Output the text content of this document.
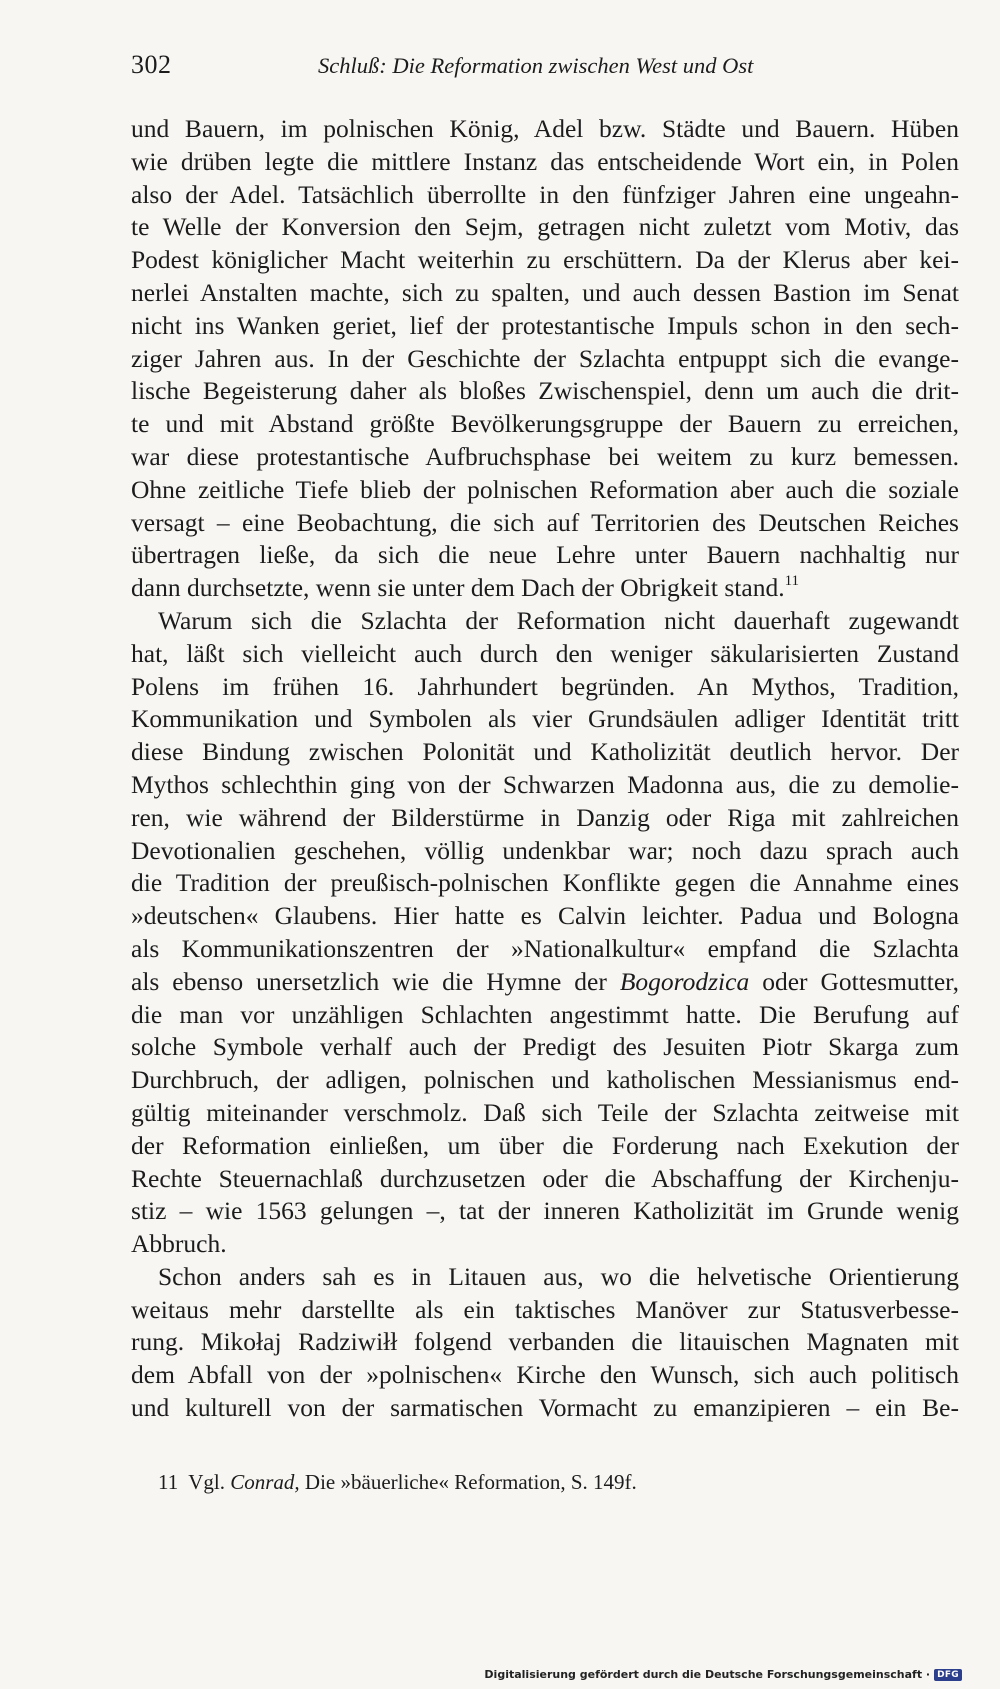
302	Schluß: Die Reformation zwischen West und Ost
und Bauern, im polnischen König, Adel bzw. Städte und Bauern. Hüben
wie drüben legte die mittlere Instanz das entscheidende Wort ein, in Polen
also der Adel. Tatsächlich überrollte in den fünfziger Jahren eine ungeahn-
te Welle der Konversion den Sejm, getragen nicht zuletzt vom Motiv, das
Podest königlicher Macht weiterhin zu erschüttern. Da der Klerus aber kei-
nerlei Anstalten machte, sich zu spalten, und auch dessen Bastion im Senat
nicht ins Wanken geriet, lief der protestantische Impuls schon in den sech-
ziger Jahren aus. In der Geschichte der Szlachta entpuppt sich die evange-
lische Begeisterung daher als bloßes Zwischenspiel, denn um auch die drit-
te und mit Abstand größte Bevölkerungsgruppe der Bauern zu erreichen,
war diese protestantische Aufbruchsphase bei weitem zu kurz bemessen.
Ohne zeitliche Tiefe blieb der polnischen Reformation aber auch die soziale
versagt – eine Beobachtung, die sich auf Territorien des Deutschen Reiches
übertragen ließe, da sich die neue Lehre unter Bauern nachhaltig nur
dann durchsetzte, wenn sie unter dem Dach der Obrigkeit stand.$^{11}$
Warum sich die Szlachta der Reformation nicht dauerhaft zugewandt
hat, läßt sich vielleicht auch durch den weniger säkularisierten Zustand
Polens im frühen 16. Jahrhundert begründen. An Mythos, Tradition,
Kommunikation und Symbolen als vier Grundsäulen adliger Identität tritt
diese Bindung zwischen Polonität und Katholizität deutlich hervor. Der
Mythos schlechthin ging von der Schwarzen Madonna aus, die zu demolie-
ren, wie während der Bilderstürme in Danzig oder Riga mit zahlreichen
Devotionalien geschehen, völlig undenkbar war; noch dazu sprach auch
die Tradition der preußisch-polnischen Konflikte gegen die Annahme eines
»deutschen« Glaubens. Hier hatte es Calvin leichter. Padua und Bologna
als Kommunikationszentren der »Nationalkultur« empfand die Szlachta
als ebenso unersetzlich wie die Hymne der Bogorodzica oder Gottesmutter,
die man vor unzähligen Schlachten angestimmt hatte. Die Berufung auf
solche Symbole verhalf auch der Predigt des Jesuiten Piotr Skarga zum
Durchbruch, der adligen, polnischen und katholischen Messianismus end-
gültig miteinander verschmolz. Daß sich Teile der Szlachta zeitweise mit
der Reformation einließen, um über die Forderung nach Exekution der
Rechte Steuernachlaß durchzusetzen oder die Abschaffung der Kirchenju-
stiz – wie 1563 gelungen –, tat der inneren Katholizität im Grunde wenig
Abbruch.
Schon anders sah es in Litauen aus, wo die helvetische Orientierung
weitaus mehr darstellte als ein taktisches Manöver zur Statusverbesse-
rung. Mikołaj Radziwiłł folgend verbanden die litauischen Magnaten mit
dem Abfall von der »polnischen« Kirche den Wunsch, sich auch politisch
und kulturell von der sarmatischen Vormacht zu emanzipieren – ein Be-
11 Vgl. Conrad, Die »bäuerliche« Reformation, S. 149f.
Digitalisierung gefördert durch die Deutsche Forschungsgemeinschaft · DFG
